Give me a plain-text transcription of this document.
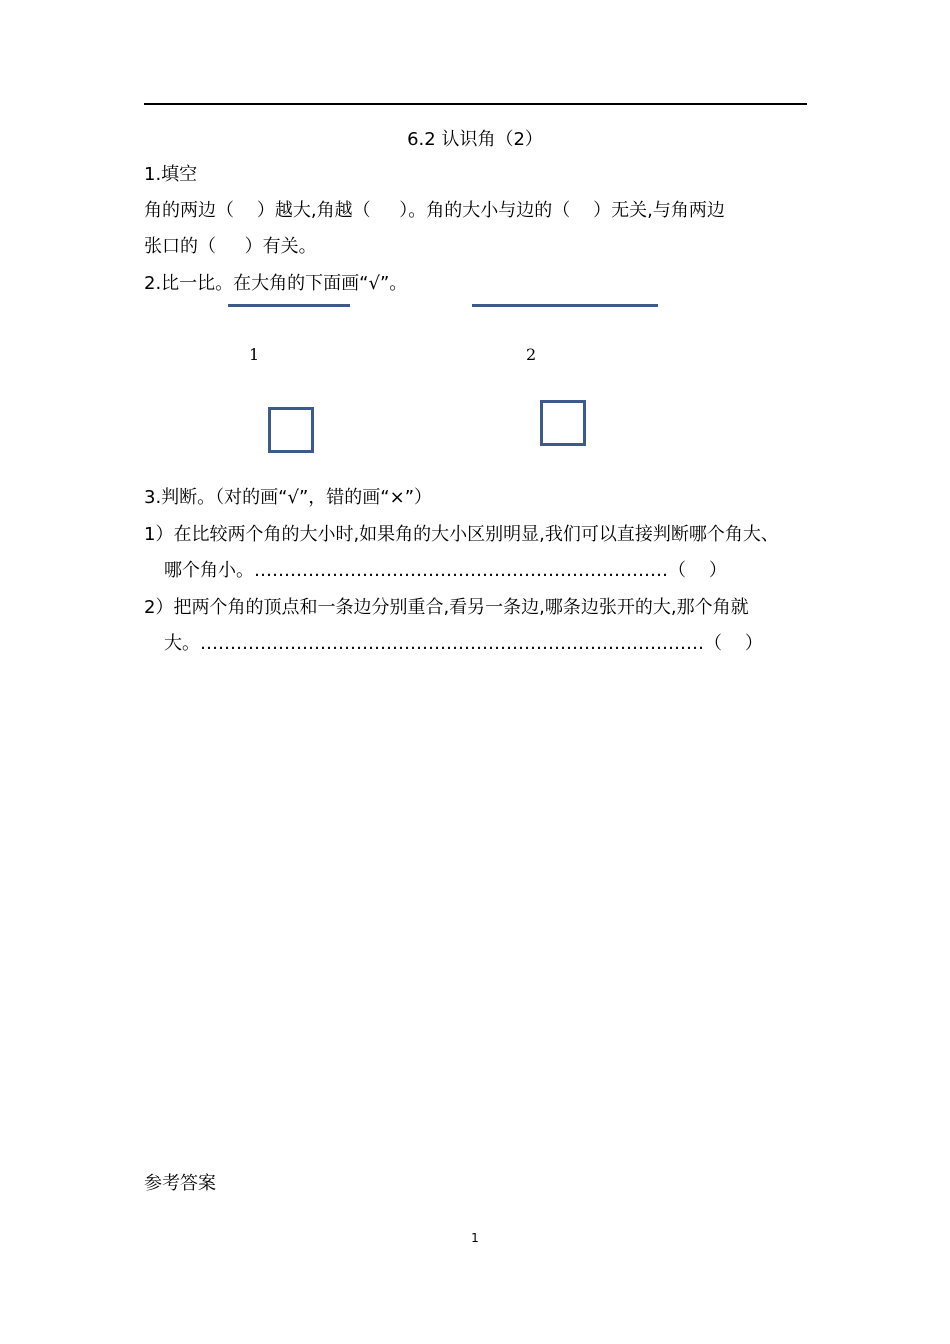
6.2 认识角（2）
1.填空
角的两边（    ）越大,角越（     ）。角的大小与边的（    ）无关,与角两边
张口的（     ）有关。
2.比一比。在大角的下面画“√”。
1	2
3.判断。（对的画“√”，错的画“×”）
1）在比较两个角的大小时,如果角的大小区别明显,我们可以直接判断哪个角大、
哪个角小。……………………………………………………………（    ）
2）把两个角的顶点和一条边分别重合,看另一条边,哪条边张开的大,那个角就
大。…………………………………………………………………………（    ）
参考答案
1
